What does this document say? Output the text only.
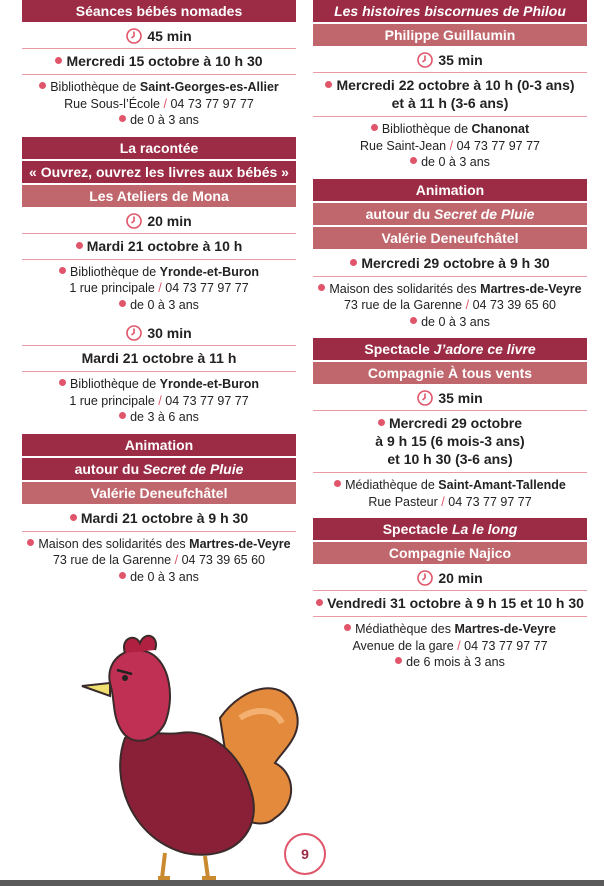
Séances bébés nomades
45 min
Mercredi 15 octobre à 10 h 30
Bibliothèque de Saint-Georges-es-Allier
Rue Sous-l’École / 04 73 77 97 77
de 0 à 3 ans
La racontée
« Ouvrez, ouvrez les livres aux bébés »
Les Ateliers de Mona
20 min
Mardi 21 octobre à 10 h
Bibliothèque de Yronde-et-Buron
1 rue principale / 04 73 77 97 77
de 0 à 3 ans
30 min
Mardi 21 octobre à 11 h
Bibliothèque de Yronde-et-Buron
1 rue principale / 04 73 77 97 77
de 3 à 6 ans
Animation
autour du Secret de Pluie
Valérie Deneufchâtel
Mardi 21 octobre à 9 h 30
Maison des solidarités des Martres-de-Veyre
73 rue de la Garenne / 04 73 39 65 60
de 0 à 3 ans
Les histoires biscornues de Philou
Philippe Guillaumin
35 min
Mercredi 22 octobre à 10 h (0-3 ans)
et à 11 h (3-6 ans)
Bibliothèque de Chanonat
Rue Saint-Jean / 04 73 77 97 77
de 0 à 3 ans
Animation
autour du Secret de Pluie
Valérie Deneufchâtel
Mercredi 29 octobre à 9 h 30
Maison des solidarités des Martres-de-Veyre
73 rue de la Garenne / 04 73 39 65 60
de 0 à 3 ans
Spectacle J’adore ce livre
Compagnie À tous vents
35 min
Mercredi 29 octobre
à 9 h 15 (6 mois-3 ans)
et 10 h 30 (3-6 ans)
Médiathèque de Saint-Amant-Tallende
Rue Pasteur / 04 73 77 97 77
Spectacle La le long
Compagnie Najico
20 min
Vendredi 31 octobre à 9 h 15 et 10 h 30
Médiathèque des Martres-de-Veyre
Avenue de la gare / 04 73 77 97 77
de 6 mois à 3 ans
9
